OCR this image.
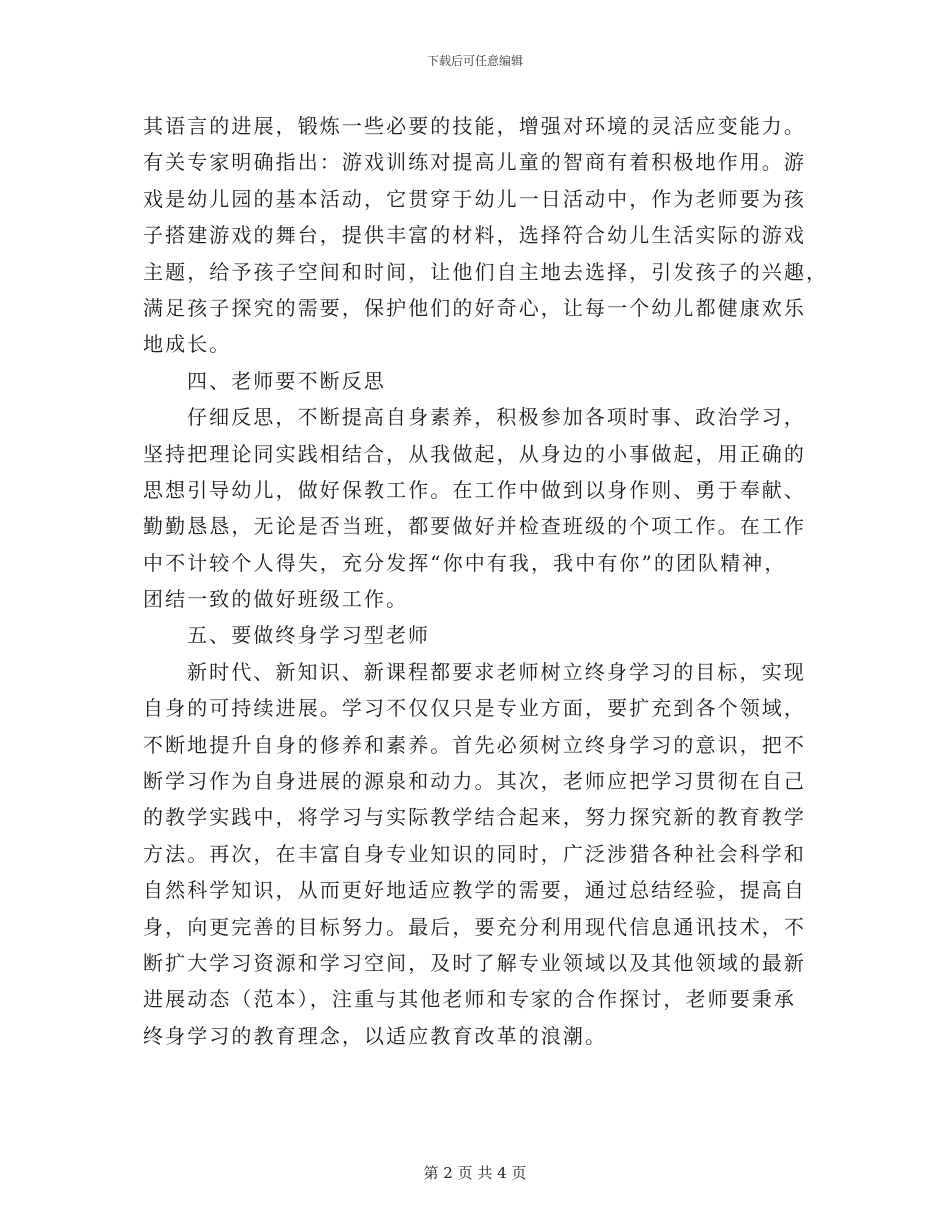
下载后可任意编辑
其语言的进展，锻炼一些必要的技能，增强对环境的灵活应变能力。
有关专家明确指出：游戏训练对提高儿童的智商有着积极地作用。游
戏是幼儿园的基本活动，它贯穿于幼儿一日活动中，作为老师要为孩
子搭建游戏的舞台，提供丰富的材料，选择符合幼儿生活实际的游戏
主题，给予孩子空间和时间，让他们自主地去选择，引发孩子的兴趣，
满足孩子探究的需要，保护他们的好奇心，让每一个幼儿都健康欢乐
地成长。
四、老师要不断反思
仔细反思，不断提高自身素养，积极参加各项时事、政治学习，
坚持把理论同实践相结合，从我做起，从身边的小事做起，用正确的
思想引导幼儿，做好保教工作。在工作中做到以身作则、勇于奉献、
勤勤恳恳，无论是否当班，都要做好并检查班级的个项工作。在工作
中不计较个人得失，充分发挥“你中有我，我中有你”的团队精神，
团结一致的做好班级工作。
五、要做终身学习型老师
新时代、新知识、新课程都要求老师树立终身学习的目标，实现
自身的可持续进展。学习不仅仅只是专业方面，要扩充到各个领域，
不断地提升自身的修养和素养。首先必须树立终身学习的意识，把不
断学习作为自身进展的源泉和动力。其次，老师应把学习贯彻在自己
的教学实践中，将学习与实际教学结合起来，努力探究新的教育教学
方法。再次，在丰富自身专业知识的同时，广泛涉猎各种社会科学和
自然科学知识，从而更好地适应教学的需要，通过总结经验，提高自
身，向更完善的目标努力。最后，要充分利用现代信息通讯技术，不
断扩大学习资源和学习空间，及时了解专业领域以及其他领域的最新
进展动态（范本），注重与其他老师和专家的合作探讨，老师要秉承
终身学习的教育理念，以适应教育改革的浪潮。
第 2 页 共 4 页
